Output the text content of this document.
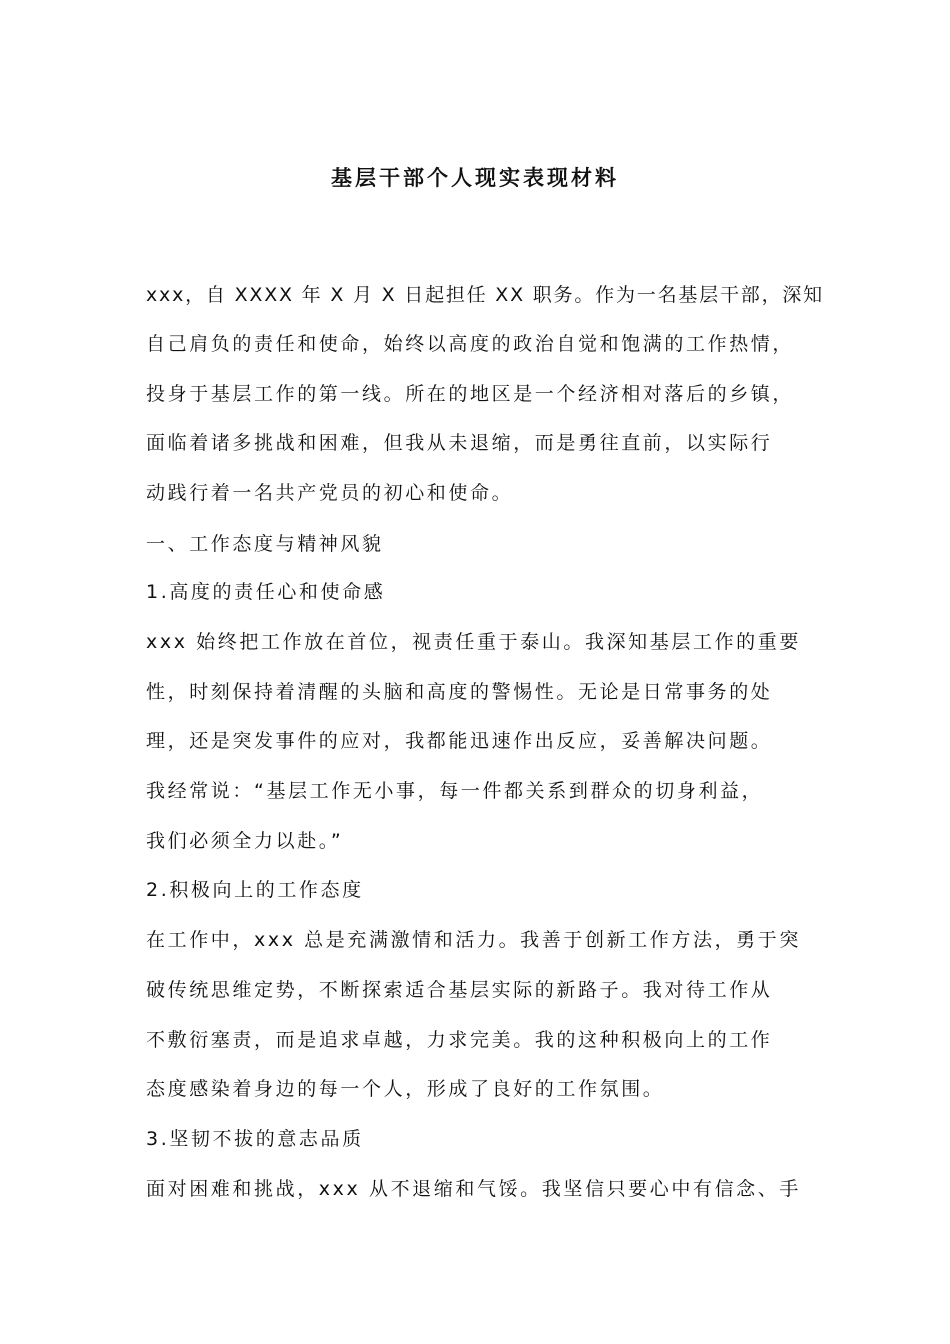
基层干部个人现实表现材料
xxx，自 XXXX 年 X 月 X 日起担任 XX 职务。作为一名基层干部，深知
自己肩负的责任和使命，始终以高度的政治自觉和饱满的工作热情，
投身于基层工作的第一线。所在的地区是一个经济相对落后的乡镇，
面临着诸多挑战和困难，但我从未退缩，而是勇往直前，以实际行
动践行着一名共产党员的初心和使命。
一、工作态度与精神风貌
1.高度的责任心和使命感
xxx 始终把工作放在首位，视责任重于泰山。我深知基层工作的重要
性，时刻保持着清醒的头脑和高度的警惕性。无论是日常事务的处
理，还是突发事件的应对，我都能迅速作出反应，妥善解决问题。
我经常说：“基层工作无小事，每一件都关系到群众的切身利益，
我们必须全力以赴。”
2.积极向上的工作态度
在工作中，xxx 总是充满激情和活力。我善于创新工作方法，勇于突
破传统思维定势，不断探索适合基层实际的新路子。我对待工作从
不敷衍塞责，而是追求卓越，力求完美。我的这种积极向上的工作
态度感染着身边的每一个人，形成了良好的工作氛围。
3.坚韧不拔的意志品质
面对困难和挑战，xxx 从不退缩和气馁。我坚信只要心中有信念、手
